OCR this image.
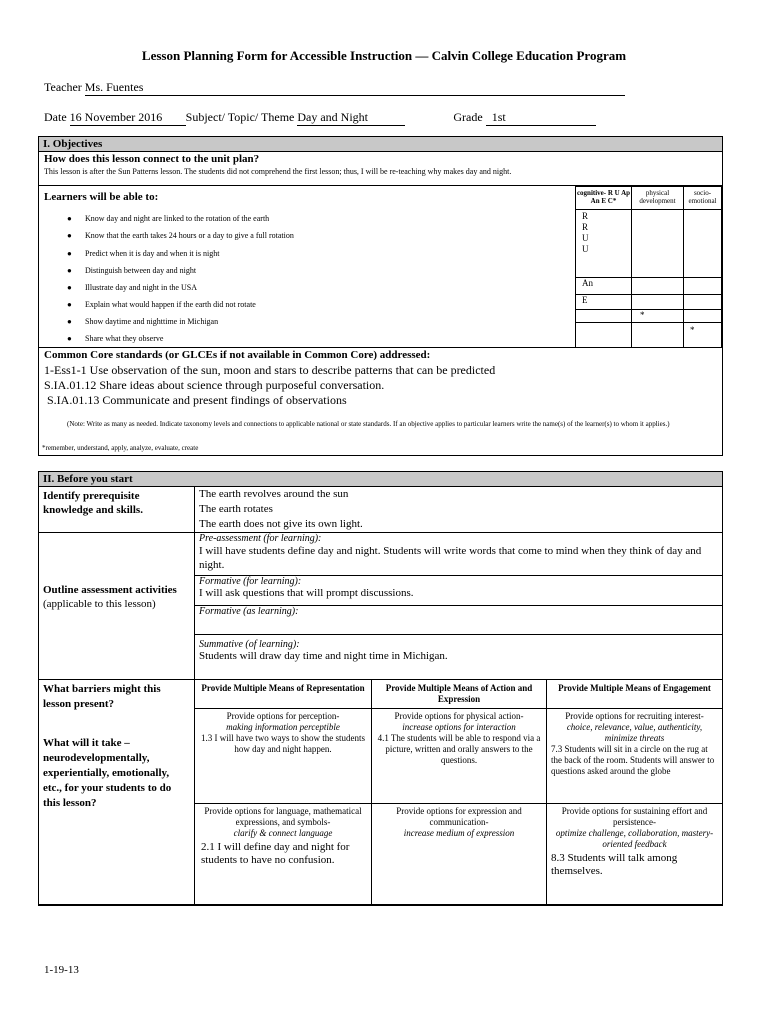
Lesson Planning Form for Accessible Instruction — Calvin College Education Program
Teacher Ms. Fuentes
Date 16 November 2016 Subject/ Topic/ Theme Day and Night	Grade 1st
I. Objectives
How does this lesson connect to the unit plan?
This lesson is after the Sun Patterns lesson. The students did not comprehend the first lesson; thus, I will be re-teaching why makes day and night.
Learners will be able to:
● Know day and night are linked to the rotation of the earth
● Know that the earth takes 24 hours or a day to give a full rotation
● Predict when it is day and when it is night
● Distinguish between day and night
● Illustrate day and night in the USA
● Explain what would happen if the earth did not rotate
● Show daytime and nighttime in Michigan
● Share what they observe
cognitive- R U Ap An E C*
physical development
socio-emotional
R
R
U
U
An
E
*
*
Common Core standards (or GLCEs if not available in Common Core) addressed:
1-Ess1-1 Use observation of the sun, moon and stars to describe patterns that can be predicted
S.IA.01.12 Share ideas about science through purposeful conversation.
S.IA.01.13 Communicate and present findings of observations
(Note: Write as many as needed. Indicate taxonomy levels and connections to applicable national or state standards. If an objective applies to particular learners write the name(s) of the learner(s) to whom it applies.)
*remember, understand, apply, analyze, evaluate, create
II. Before you start
Identify prerequisite knowledge and skills.
The earth revolves around the sun
The earth rotates
The earth does not give its own light.
Outline assessment activities
(applicable to this lesson)
Pre-assessment (for learning):
I will have students define day and night. Students will write words that come to mind when they think of day and night.
Formative (for learning):
I will ask questions that will prompt discussions.
Formative (as learning):
Summative (of learning):
Students will draw day time and night time in Michigan.
What barriers might this lesson present?
What will it take – neurodevelopmentally, experientially, emotionally, etc., for your students to do this lesson?
Provide Multiple Means of Representation	Provide Multiple Means of Action and Expression
Provide Multiple Means of Engagement
Provide options for perception-
making information perceptible
1.3 I will have two ways to show the students how day and night happen.
Provide options for physical action-
increase options for interaction
4.1 The students will be able to respond via a picture, written and orally answers to the questions.
Provide options for recruiting interest-
choice, relevance, value, authenticity, minimize threats
7.3 Students will sit in a circle on the rug at the back of the room. Students will answer to questions asked around the globe
Provide options for language, mathematical expressions, and symbols-
clarify & connect language
2.1 I will define day and night for students to have no confusion.
Provide options for expression and communication-
increase medium of expression
Provide options for sustaining effort and persistence-
optimize challenge, collaboration, mastery-oriented feedback
8.3 Students will talk among themselves.
1-19-13
